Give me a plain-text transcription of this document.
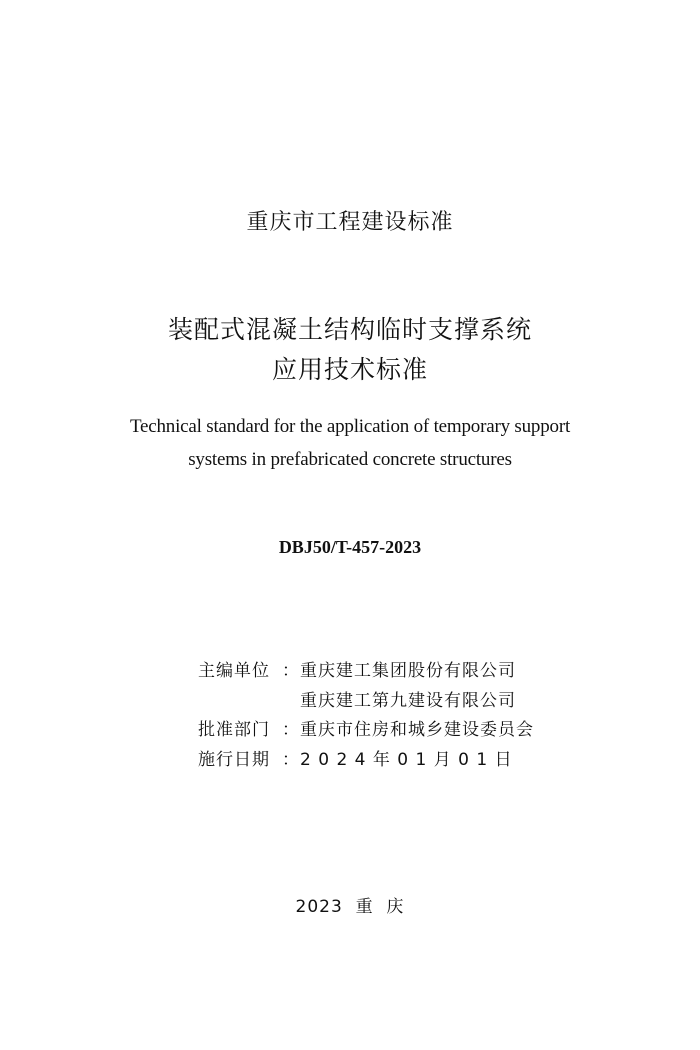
重庆市工程建设标准
装配式混凝土结构临时支撑系统
应用技术标准
Technical standard for the application of temporary support
systems in prefabricated concrete structures
DBJ50/T-457-2023
主编单位 ：重庆建工集团股份有限公司
重庆建工第九建设有限公司
批准部门 ：重庆市住房和城乡建设委员会
施行日期 ：2 0 2 4 年 0 1 月 0 1 日
2023  重  庆
